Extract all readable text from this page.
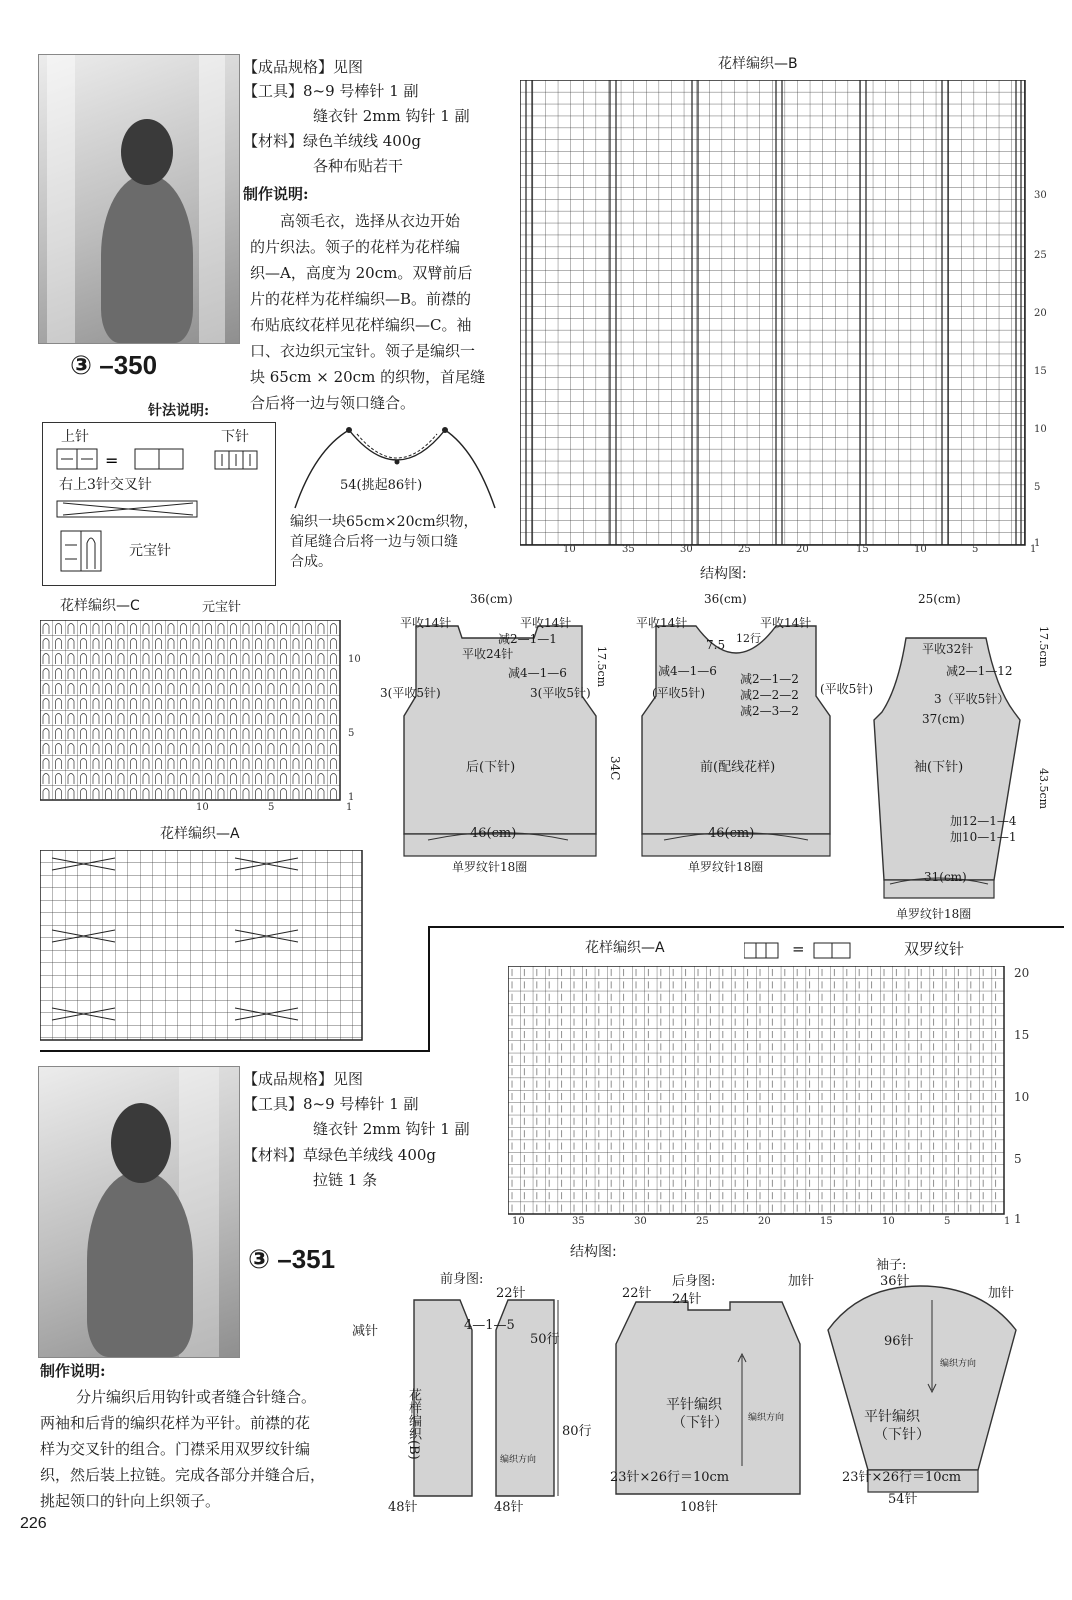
③ –350
【成品规格】见图
【工具】8~9 号棒针 1 副
缝衣针 2mm 钩针 1 副
【材料】绿色羊绒线 400g
各种布贴若干
制作说明:
高领毛衣，选择从衣边开始
的片织法。领子的花样为花样编
织—A，高度为 20cm。双臂前后
片的花样为花样编织—B。前襟的
布贴底纹花样见花样编织—C。袖
口、衣边织元宝针。领子是编织一
块 65cm × 20cm 的织物，首尾缝
合后将一边与领口缝合。
针法说明:
上针	下针
=
右上3针交叉针
元宝针
54(挑起86针)
编织一块65cm×20cm织物，
首尾缝合后将一边与领口缝
合成。
花样编织—B
10	35	30	25	20	15	10	5	1
30
25
20
15
10
5
1
花样编织—C	元宝针
10	5	1
10
5
1
花样编织—A
结构图:
36(cm)
平收14针	平收14针
减2—1—1
平收24针
减4—1—6
3(平收5针)	3(平收5针)
17.5cm
后(下针)	34C
46(cm)
单罗纹针18圈
36(cm)
平收14针	平收14针
7.5 12行
减4—1—6
(平收5针)
减2—1—2
减2—2—2
减2—3—2
(平收5针)
前(配线花样)
46(cm)
单罗纹针18圈
25(cm)
平收32针
减2—1—12
3（平收5针）
37(cm)
17.5cm
袖(下针)
43.5cm
加12—1—4
加10—1—1
31(cm)
单罗纹针18圈
花样编织—A	=	双罗纹针
10	35	30	25	20	15	10	5	1
20
15
10
5
1
③ –351
【成品规格】见图
【工具】8~9 号棒针 1 副
缝衣针 2mm 钩针 1 副
【材料】草绿色羊绒线 400g
拉链 1 条
制作说明:
分片编织后用钩针或者缝合针缝合。
两袖和后背的编织花样为平针。前襟的花
样为交叉针的组合。门襟采用双罗纹针编
织，然后装上拉链。完成各部分并缝合后，
挑起领口的针向上织领子。
结构图:
前身图:
22针
4—1—5
50行
减针
花样编织(B)	80行
48针	48针
编织方向
后身图:
22针 24针
平针编织
（下针） 编织方向
23针×26行＝10cm
108针
袖子:
36针
加针
加针
96针
编织方向
平针编织
（下针）
23针×26行＝10cm
54针
226
